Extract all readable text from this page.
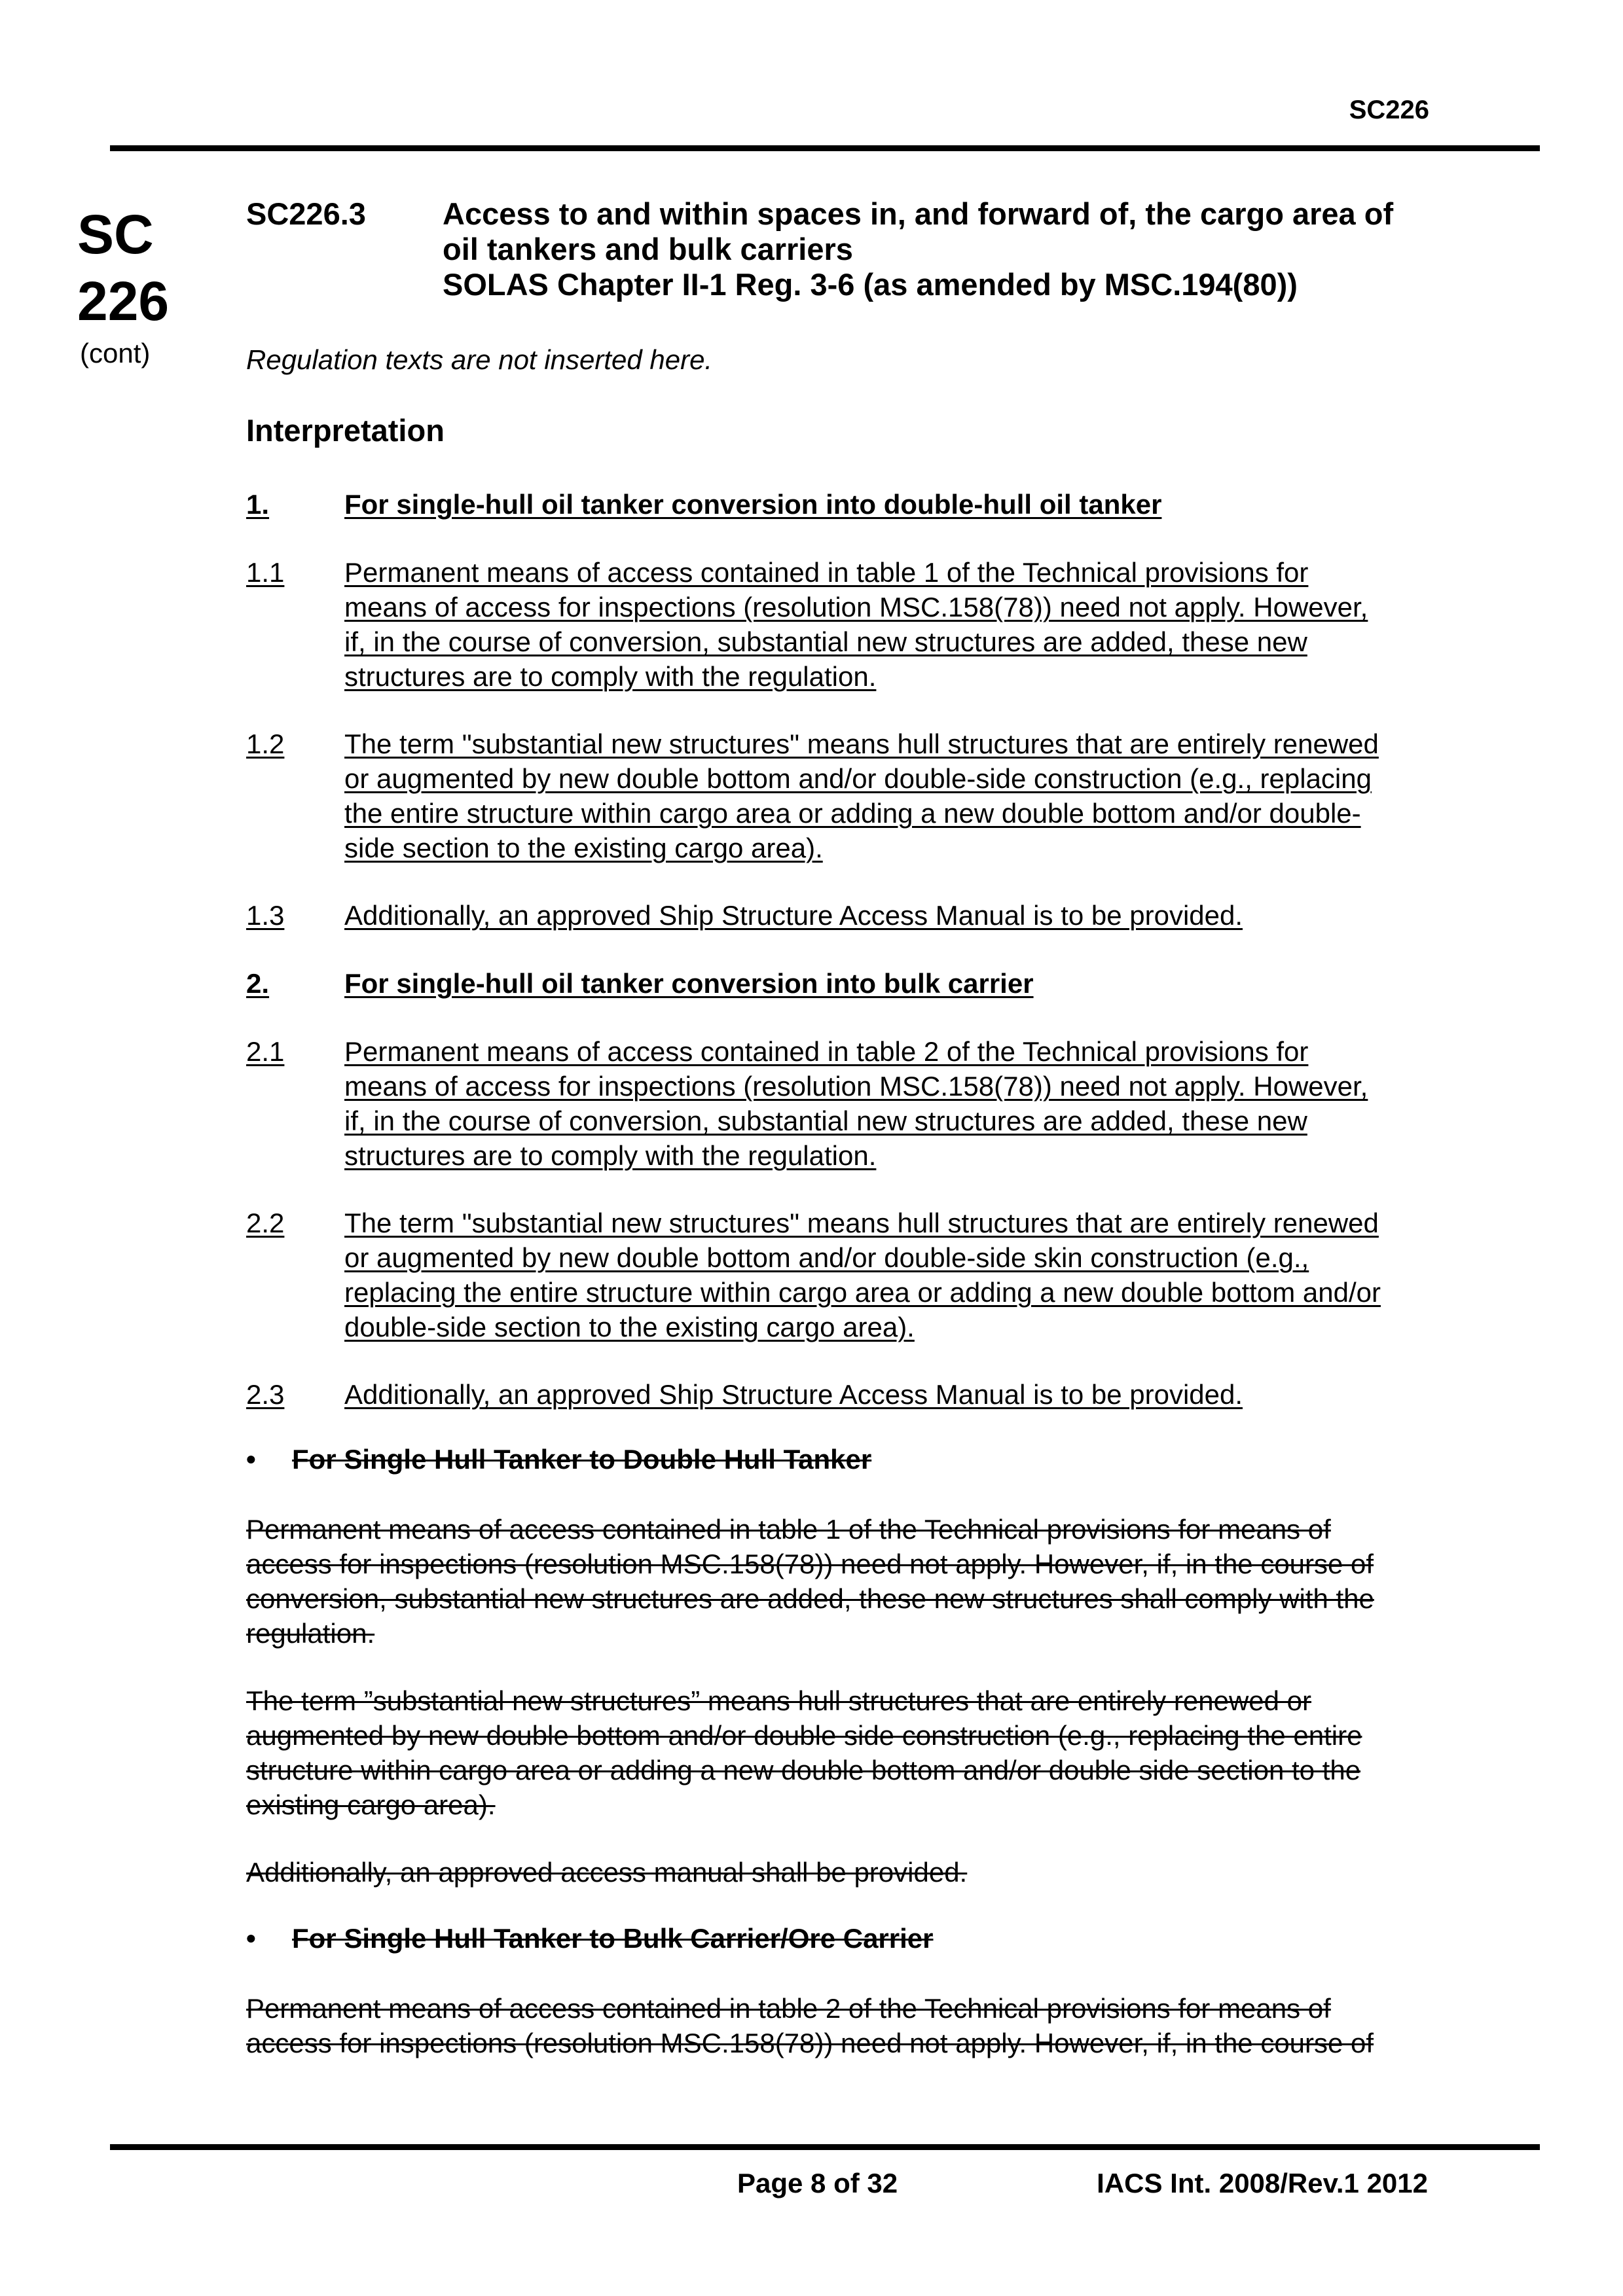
SC226
SC
226
(cont)
SC226.3 Access to and within spaces in, and forward of, the cargo area of
oil tankers and bulk carriers
SOLAS Chapter II-1 Reg. 3-6 (as amended by MSC.194(80))
Regulation texts are not inserted here.
Interpretation
1.	For single-hull oil tanker conversion into double-hull oil tanker
1.1	Permanent means of access contained in table 1 of the Technical provisions for
means of access for inspections (resolution MSC.158(78)) need not apply. However,
if, in the course of conversion, substantial new structures are added, these new
structures are to comply with the regulation.
1.2	The term "substantial new structures" means hull structures that are entirely renewed
or augmented by new double bottom and/or double-side construction (e.g., replacing
the entire structure within cargo area or adding a new double bottom and/or double-
side section to the existing cargo area).
1.3	Additionally, an approved Ship Structure Access Manual is to be provided.
2.	For single-hull oil tanker conversion into bulk carrier
2.1	Permanent means of access contained in table 2 of the Technical provisions for
means of access for inspections (resolution MSC.158(78)) need not apply. However,
if, in the course of conversion, substantial new structures are added, these new
structures are to comply with the regulation.
2.2	The term "substantial new structures" means hull structures that are entirely renewed
or augmented by new double bottom and/or double-side skin construction (e.g.,
replacing the entire structure within cargo area or adding a new double bottom and/or
double-side section to the existing cargo area).
2.3	Additionally, an approved Ship Structure Access Manual is to be provided.
• For Single Hull Tanker to Double Hull Tanker
Permanent means of access contained in table 1 of the Technical provisions for means of
access for inspections (resolution MSC.158(78)) need not apply. However, if, in the course of
conversion, substantial new structures are added, these new structures shall comply with the
regulation.
The term ”substantial new structures” means hull structures that are entirely renewed or
augmented by new double bottom and/or double side construction (e.g., replacing the entire
structure within cargo area or adding a new double bottom and/or double side section to the
existing cargo area).
Additionally, an approved access manual shall be provided.
• For Single Hull Tanker to Bulk Carrier/Ore Carrier
Permanent means of access contained in table 2 of the Technical provisions for means of
access for inspections (resolution MSC.158(78)) need not apply. However, if, in the course of
Page 8 of 32	IACS Int. 2008/Rev.1 2012
